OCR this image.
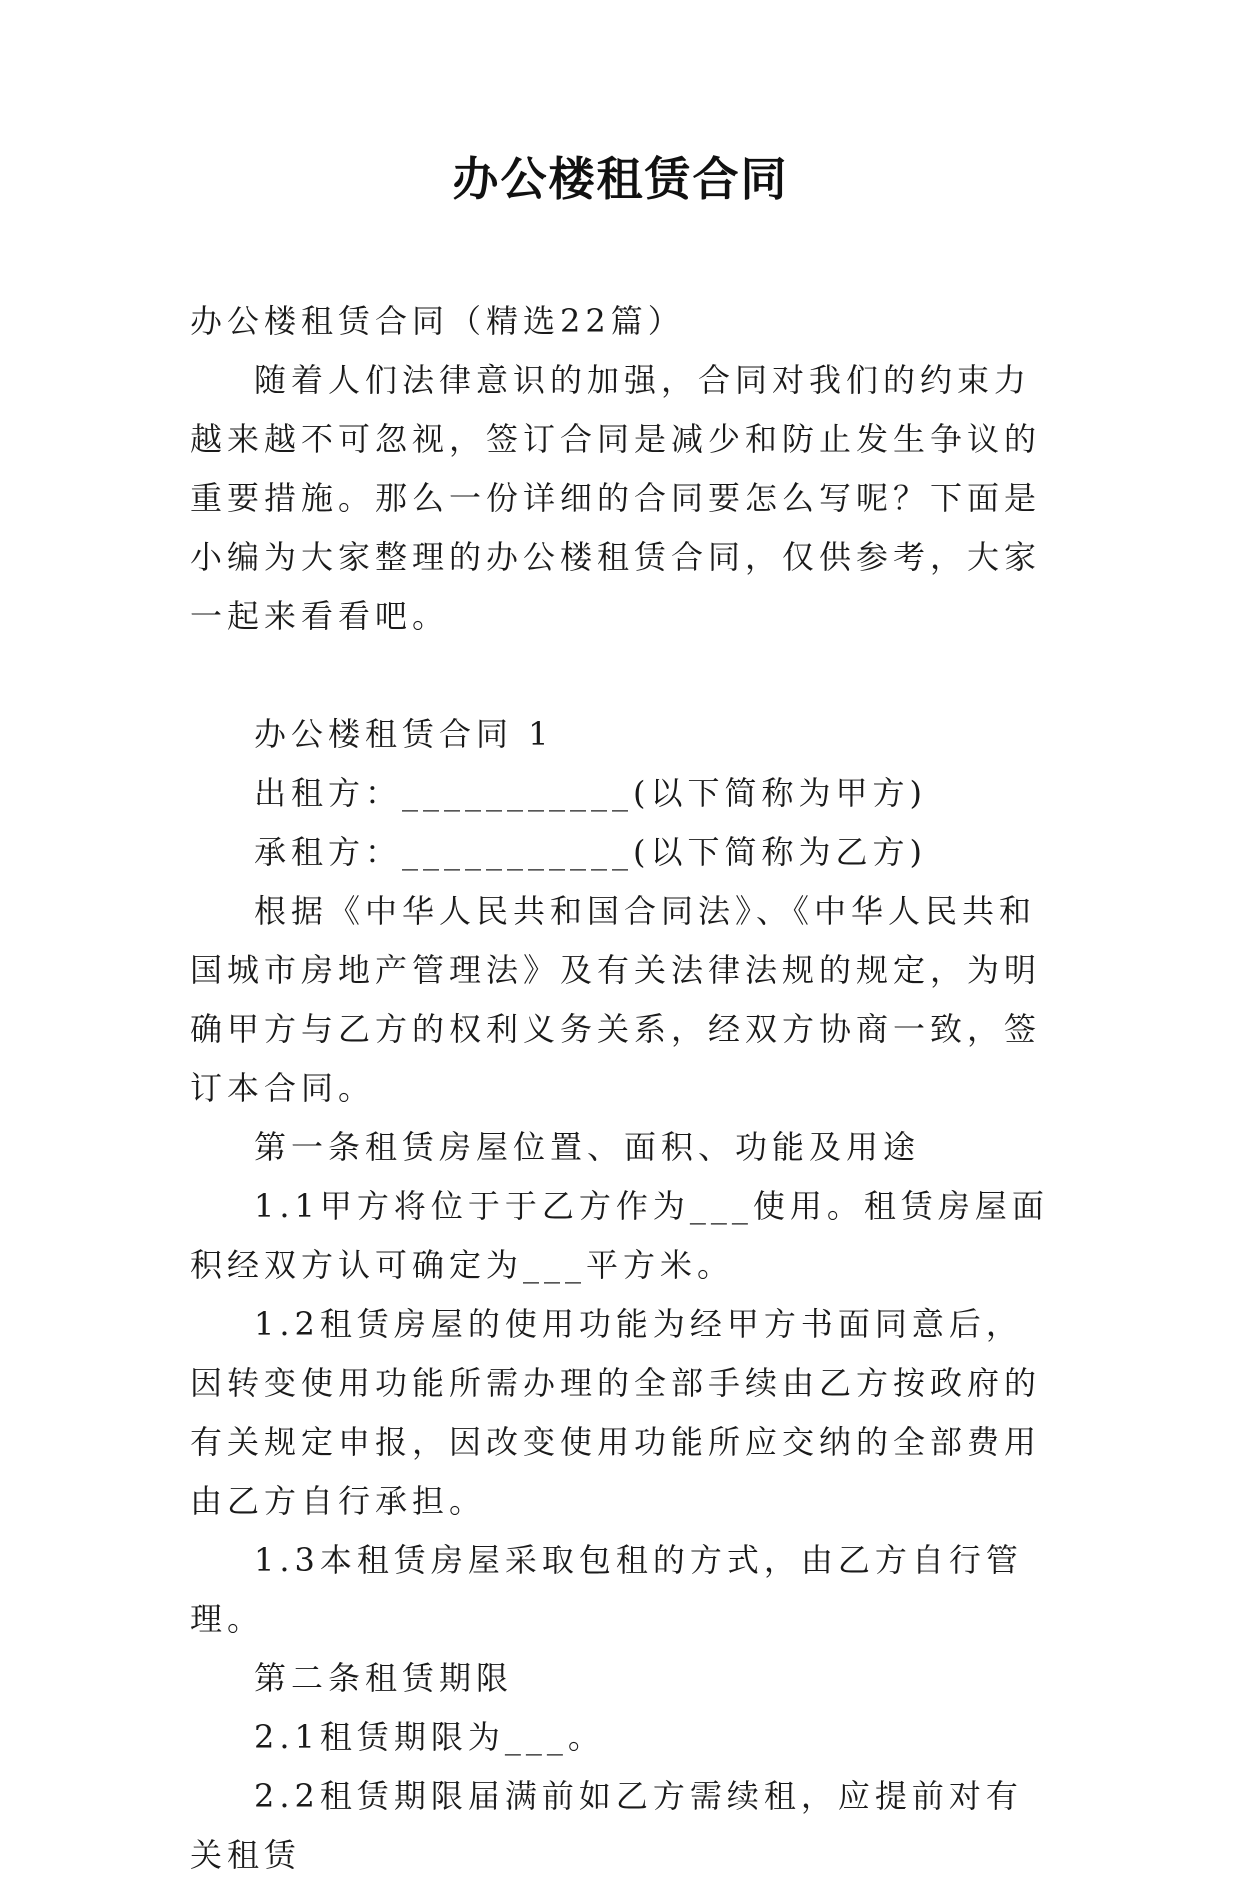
办公楼租赁合同

办公楼租赁合同（精选22篇）

随着人们法律意识的加强，合同对我们的约束力越来越不可忽视，签订合同是减少和防止发生争议的重要措施。那么一份详细的合同要怎么写呢？下面是小编为大家整理的办公楼租赁合同，仅供参考，大家一起来看看吧。

办公楼租赁合同 1

出租方：___________(以下简称为甲方)

承租方：___________(以下简称为乙方)

根据《中华人民共和国合同法》、《中华人民共和国城市房地产管理法》及有关法律法规的规定，为明确甲方与乙方的权利义务关系，经双方协商一致，签订本合同。

第一条租赁房屋位置、面积、功能及用途

1.1甲方将位于于乙方作为___使用。租赁房屋面积经双方认可确定为___平方米。

1.2租赁房屋的使用功能为经甲方书面同意后，因转变使用功能所需办理的全部手续由乙方按政府的有关规定申报，因改变使用功能所应交纳的全部费用由乙方自行承担。

1.3本租赁房屋采取包租的方式，由乙方自行管理。

第二条租赁期限

2.1租赁期限为___。

2.2租赁期限届满前如乙方需续租，应提前对有关租赁
